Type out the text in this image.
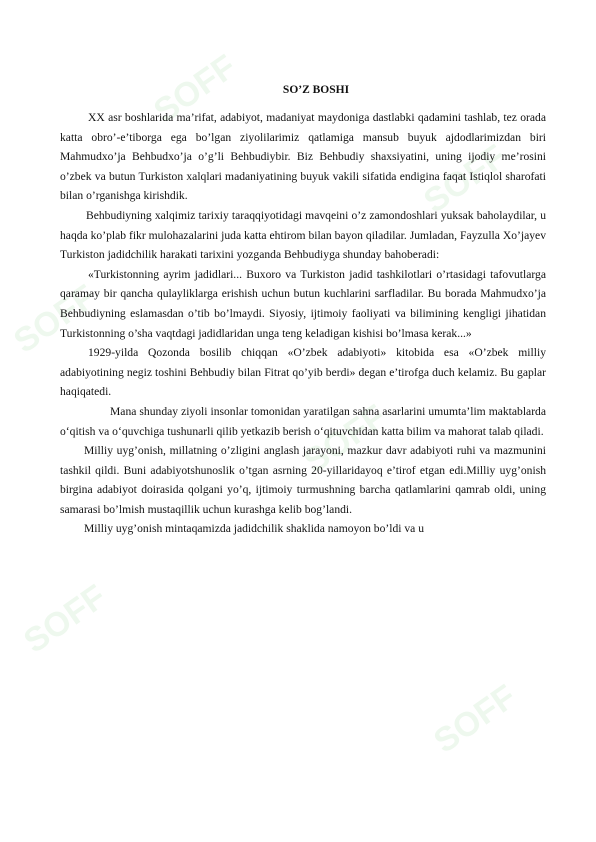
SOFF
SOFF
SOFF
SOFF
SOFF
SOFF
SO’Z BOSHI

XX asr boshlarida ma’rifat, adabiyot, madaniyat maydoniga dastlabki qadamini tashlab, tez orada katta obro’-e’tiborga ega bo’lgan ziyolilarimiz qatlamiga mansub buyuk ajdodlarimizdan biri Mahmudxo’ja Behbudxo’ja o’g’li Behbudiybir. Biz Behbudiy shaxsiyatini, uning ijodiy me’rosini o’zbek va butun Turkiston xalqlari madaniyatining buyuk vakili sifatida endigina faqat Istiqlol sharofati bilan o’rganishga kirishdik.

Behbudiyning xalqimiz tarixiy taraqqiyotidagi mavqeini o’z zamondoshlari yuksak baholaydilar, u haqda ko’plab fikr mulohazalarini juda katta ehtirom bilan bayon qiladilar. Jumladan, Fayzulla Xo’jayev Turkiston jadidchilik harakati tarixini yozganda Behbudiyga shunday bahoberadi:

«Turkistonning ayrim jadidlari... Buxoro va Turkiston jadid tashkilotlari o’rtasidagi tafovutlarga qaramay bir qancha qulayliklarga erishish uchun butun kuchlarini sarfladilar. Bu borada Mahmudxo’ja Behbudiyning eslamasdan o’tib bo’lmaydi. Siyosiy, ijtimoiy faoliyati va bilimining kengligi jihatidan Turkistonning o’sha vaqtdagi jadidlaridan unga teng keladigan kishisi bo’lmasa kerak...»

1929-yilda Qozonda bosilib chiqqan «O’zbek adabiyoti» kitobida esa «O’zbek milliy adabiyotining negiz toshini Behbudiy bilan Fitrat qo’yib berdi» degan e’tirofga duch kelamiz. Bu gaplar haqiqatedi.

Mana shunday ziyoli insonlar tomonidan yaratilgan sahna asarlarini umumta’lim maktablarda o‘qitish va o‘quvchiga tushunarli qilib yetkazib berish o‘qituvchidan katta bilim va mahorat talab qiladi.

Milliy uyg’onish, millatning o’zligini anglash jarayoni, mazkur davr adabiyoti ruhi va mazmunini tashkil qildi. Buni adabiyotshunoslik o’tgan asrning 20-yillaridayoq e’tirof etgan edi.Milliy uyg’onish birgina adabiyot doirasida qolgani yo’q, ijtimoiy turmushning barcha qatlamlarini qamrab oldi, uning samarasi bo’lmish mustaqillik uchun kurashga kelib bog’landi.

Milliy uyg’onish mintaqamizda jadidchilik shaklida namoyon bo’ldi va u
